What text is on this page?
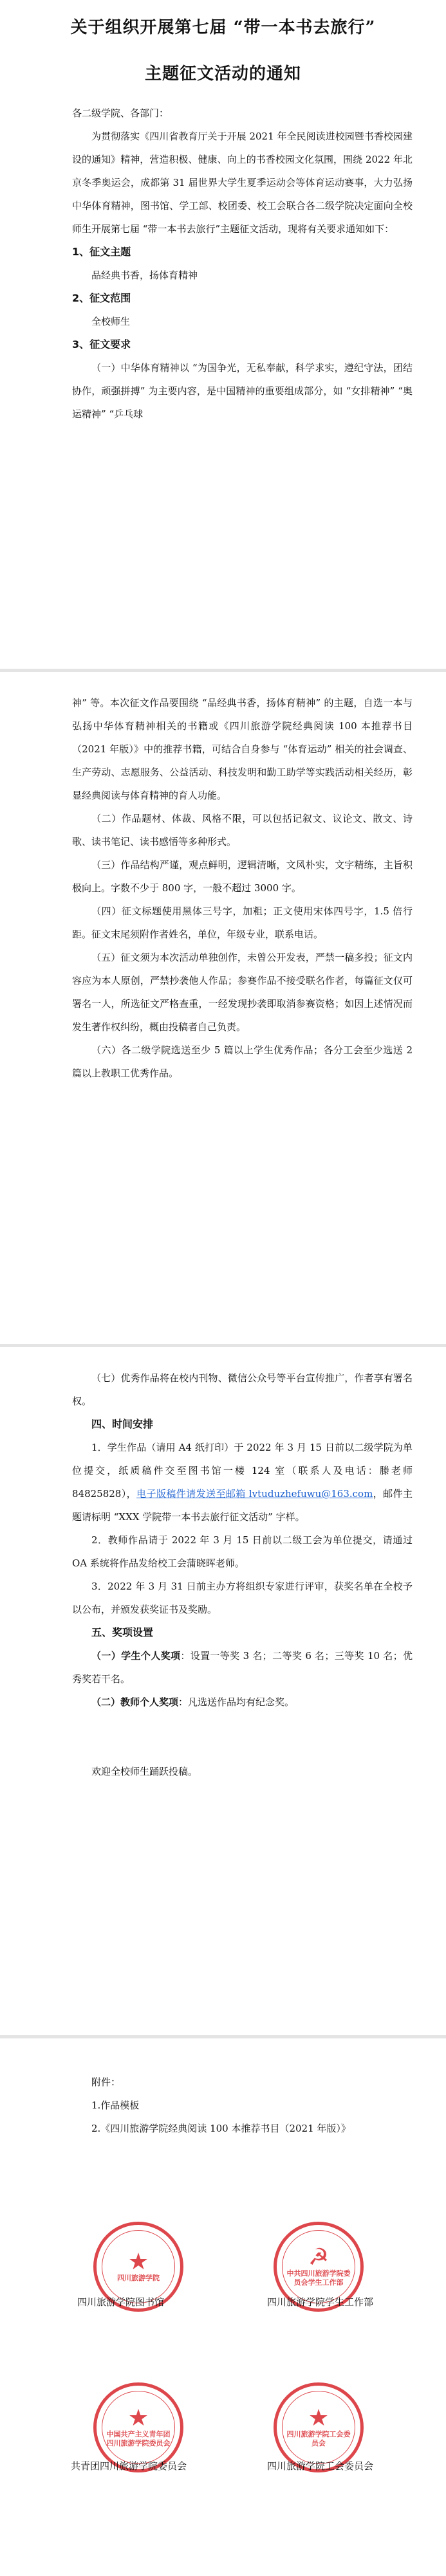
关于组织开展第七届 “带一本书去旅行”
主题征文活动的通知

各二级学院、各部门：

为贯彻落实《四川省教育厅关于开展 2021 年全民阅读进校园暨书香校园建设的通知》精神，营造积极、健康、向上的书香校园文化氛围，围绕 2022 年北京冬季奥运会，成都第 31 届世界大学生夏季运动会等体育运动赛事，大力弘扬中华体育精神，图书馆、学工部、校团委、校工会联合各二级学院决定面向全校师生开展第七届 “带一本书去旅行”主题征文活动，现将有关要求通知如下：

1、征文主题

品经典书香，扬体育精神

2、征文范围

全校师生

3、征文要求

（一）中华体育精神以 “为国争光，无私奉献，科学求实，遵纪守法，团结协作，顽强拼搏” 为主要内容，是中国精神的重要组成部分，如 “女排精神” “奥运精神” “乒乓球

神” 等。本次征文作品要围绕 “品经典书香，扬体育精神” 的主题，自选一本与弘扬中华体育精神相关的书籍或《四川旅游学院经典阅读 100 本推荐书目（2021 年版）》中的推荐书籍，可结合自身参与 “体育运动” 相关的社会调查、生产劳动、志愿服务、公益活动、科技发明和勤工助学等实践活动相关经历，彰显经典阅读与体育精神的育人功能。

（二）作品题材、体裁、风格不限，可以包括记叙文、议论文、散文、诗歌、读书笔记、读书感悟等多种形式。

（三）作品结构严谨，观点鲜明，逻辑清晰，文风朴实，文字精练，主旨积极向上。字数不少于 800 字，一般不超过 3000 字。

（四）征文标题使用黑体三号字，加粗；正文使用宋体四号字，1.5 倍行距。征文末尾须附作者姓名，单位，年级专业，联系电话。

（五）征文须为本次活动单独创作，未曾公开发表，严禁一稿多投；征文内容应为本人原创，严禁抄袭他人作品；参赛作品不接受联名作者，每篇征文仅可署名一人，所选征文严格查重，一经发现抄袭即取消参赛资格；如因上述情况而发生著作权纠纷，概由投稿者自己负责。

（六）各二级学院选送至少 5 篇以上学生优秀作品；各分工会至少选送 2 篇以上教职工优秀作品。

（七）优秀作品将在校内刊物、微信公众号等平台宣传推广，作者享有署名权。

四、时间安排

1．学生作品（请用 A4 纸打印）于 2022 年 3 月 15 日前以二级学院为单位提交，纸质稿件交至图书馆一楼 124 室（联系人及电话：滕老师 84825828），电子版稿件请发送至邮箱 lvtuduzhefuwu@163.com，邮件主题请标明 “XXX 学院带一本书去旅行征文活动” 字样。

2．教师作品请于 2022 年 3 月 15 日前以二级工会为单位提交，请通过 OA 系统将作品发给校工会蒲晓晖老师。

3．2022 年 3 月 31 日前主办方将组织专家进行评审，获奖名单在全校予以公布，并颁发获奖证书及奖励。

五、奖项设置

（一）学生个人奖项：设置一等奖 3 名；二等奖 6 名；三等奖 10 名；优秀奖若干名。

（二）教师个人奖项：凡选送作品均有纪念奖。

欢迎全校师生踊跃投稿。

附件：

1.作品模板

2.《四川旅游学院经典阅读 100 本推荐书目（2021 年版）》

★
四川旅游学院
☭
中共四川旅游学院委员会学生工作部
四川旅游学院图书馆	四川旅游学院学生工作部
★
中国共产主义青年团四川旅游学院委员会
★
四川旅游学院工会委员会
共青团四川旅游学院委员会	四川旅游学院工会委员会
